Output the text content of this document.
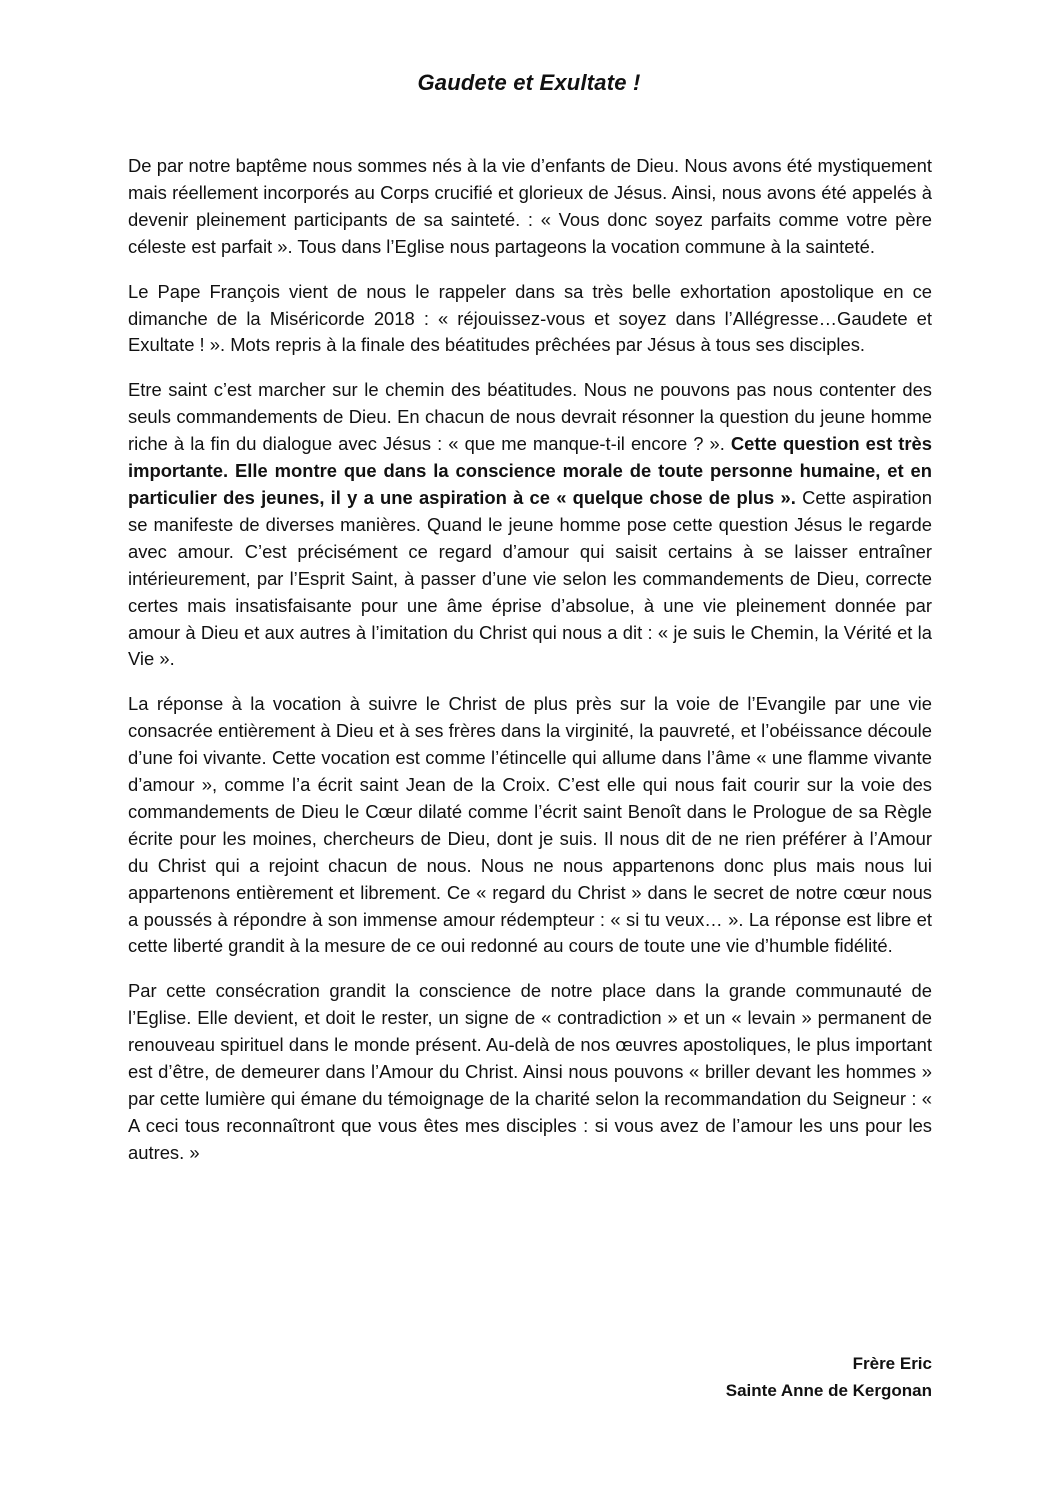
Gaudete et Exultate !

De par notre baptême nous sommes nés à la vie d’enfants de Dieu. Nous avons été mystiquement mais réellement incorporés au Corps crucifié et glorieux de Jésus. Ainsi, nous avons été appelés à devenir pleinement participants de sa sainteté. : « Vous donc soyez parfaits comme votre père céleste est parfait ». Tous dans l’Eglise nous partageons la vocation commune à la sainteté.

Le Pape François vient de nous le rappeler dans sa très belle exhortation apostolique en ce dimanche de la Miséricorde 2018 : « réjouissez-vous et soyez dans l’Allégresse…Gaudete et Exultate ! ». Mots repris à la finale des béatitudes prêchées par Jésus à tous ses disciples.

Etre saint c’est marcher sur le chemin des béatitudes. Nous ne pouvons pas nous contenter des seuls commandements de Dieu. En chacun de nous devrait résonner la question du jeune homme riche à la fin du dialogue avec Jésus : « que me manque-t-il encore ? ». Cette question est très importante. Elle montre que dans la conscience morale de toute personne humaine, et en particulier des jeunes, il y a une aspiration à ce « quelque chose de plus ». Cette aspiration se manifeste de diverses manières. Quand le jeune homme pose cette question Jésus le regarde avec amour. C’est précisément ce regard d’amour qui saisit certains à se laisser entraîner intérieurement, par l’Esprit Saint, à passer d’une vie selon les commandements de Dieu, correcte certes mais insatisfaisante pour une âme éprise d’absolue, à une vie pleinement donnée par amour à Dieu et aux autres à l’imitation du Christ qui nous a dit : « je suis le Chemin, la Vérité et la Vie ».

La réponse à la vocation à suivre le Christ de plus près sur la voie de l’Evangile par une vie consacrée entièrement à Dieu et à ses frères dans la virginité, la pauvreté, et l’obéissance découle d’une foi vivante. Cette vocation est comme l’étincelle qui allume dans l’âme « une flamme vivante d’amour », comme l’a écrit saint Jean de la Croix. C’est elle qui nous fait courir sur la voie des commandements de Dieu le Cœur dilaté comme l’écrit saint Benoît dans le Prologue de sa Règle écrite pour les moines, chercheurs de Dieu, dont je suis. Il nous dit de ne rien préférer à l’Amour du Christ qui a rejoint chacun de nous. Nous ne nous appartenons donc plus mais nous lui appartenons entièrement et librement. Ce « regard du Christ » dans le secret de notre cœur nous a poussés à répondre à son immense amour rédempteur : « si tu veux… ». La réponse est libre et cette liberté grandit à la mesure de ce oui redonné au cours de toute une vie d’humble fidélité.

Par cette consécration grandit la conscience de notre place dans la grande communauté de l’Eglise. Elle devient, et doit le rester, un signe de « contradiction » et un « levain » permanent de renouveau spirituel dans le monde présent. Au-delà de nos œuvres apostoliques, le plus important est d’être, de demeurer dans l’Amour du Christ. Ainsi nous pouvons « briller devant les hommes » par cette lumière qui émane du témoignage de la charité selon la recommandation du Seigneur : « A ceci tous reconnaîtront que vous êtes mes disciples : si vous avez de l’amour les uns pour les autres. »

Frère Eric
Sainte Anne de Kergonan
